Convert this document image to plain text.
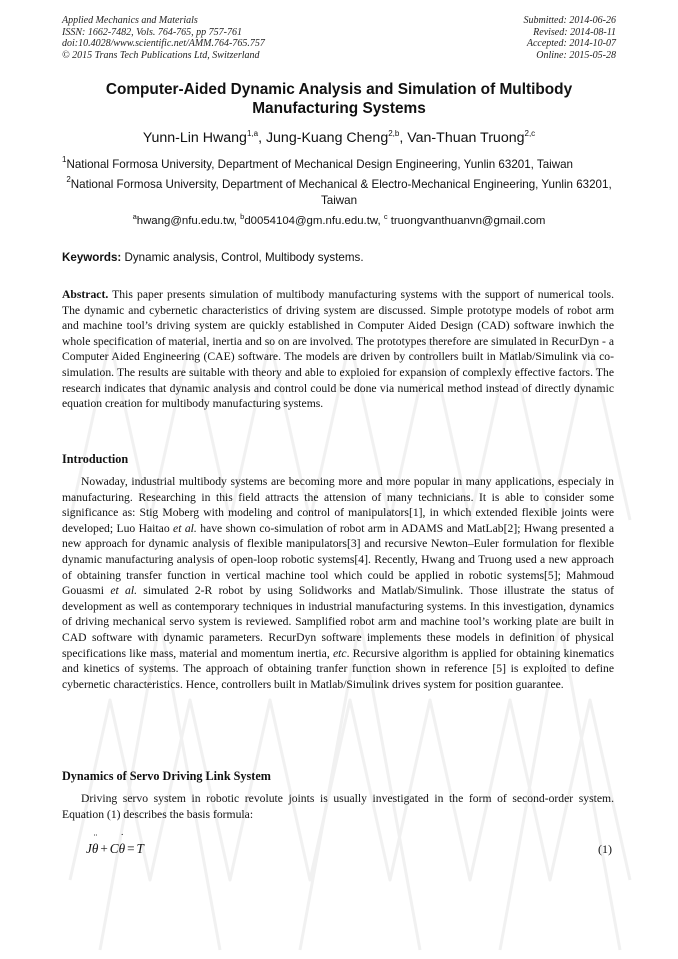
Applied Mechanics and Materials
ISSN: 1662-7482, Vols. 764-765, pp 757-761
doi:10.4028/www.scientific.net/AMM.764-765.757
© 2015 Trans Tech Publications Ltd, Switzerland
Submitted: 2014-06-26
Revised: 2014-08-11
Accepted: 2014-10-07
Online: 2015-05-28
Computer-Aided Dynamic Analysis and Simulation of Multibody
Manufacturing Systems
Yunn-Lin Hwang$^{1,a}$, Jung-Kuang Cheng$^{2,b}$, Van-Thuan Truong$^{2,c}$
$^1$National Formosa University, Department of Mechanical Design Engineering, Yunlin 63201, Taiwan
$^2$National Formosa University, Department of Mechanical & Electro-Mechanical Engineering, Yunlin 63201, Taiwan
$^a$hwang@nfu.edu.tw, $^b$d0054104@gm.nfu.edu.tw, $^c$ truongvanthuanvn@gmail.com
Keywords: Dynamic analysis, Control, Multibody systems.
Abstract. This paper presents simulation of multibody manufacturing systems with the support of numerical tools. The dynamic and cybernetic characteristics of driving system are discussed. Simple prototype models of robot arm and machine tool’s driving system are quickly established in Computer Aided Design (CAD) software inwhich the whole specification of material, inertia and so on are involved. The prototypes therefore are simulated in RecurDyn - a Computer Aided Engineering (CAE) software. The models are driven by controllers built in Matlab/Simulink via co-simulation. The results are suitable with theory and able to exploied for expansion of complexly effective factors. The research indicates that dynamic analysis and control could be done via numerical method instead of directly dynamic equation creation for multibody manufacturing systems.
Introduction
Nowaday, industrial multibody systems are becoming more and more popular in many applications, especialy in manufacturing. Researching in this field attracts the attension of many technicians. It is able to consider some significance as: Stig Moberg with modeling and control of manipulators[1], in which extended flexible joints were developed; Luo Haitao et al. have shown co-simulation of robot arm in ADAMS and MatLab[2]; Hwang presented a new approach for dynamic analysis of flexible manipulators[3] and recursive Newton–Euler formulation for flexible dynamic manufacturing analysis of open-loop robotic systems[4]. Recently, Hwang and Truong used a new approach of obtaining transfer function in vertical machine tool which could be applied in robotic systems[5]; Mahmoud Gouasmi et al. simulated 2-R robot by using Solidworks and Matlab/Simulink. Those illustrate the status of development as well as contemporary techniques in industrial manufacturing systems. In this investigation, dynamics of driving mechanical servo system is reviewed. Samplified robot arm and machine tool’s working plate are built in CAD software with dynamic parameters. RecurDyn software implements these models in definition of physical specifications like mass, material and momentum inertia, etc. Recursive algorithm is applied for obtaining kinematics and kinetics of systems. The approach of obtaining tranfer function shown in reference [5] is exploited to define cybernetic characteristics. Hence, controllers built in Matlab/Simulink drives system for position guarantee.
Dynamics of Servo Driving Link System
Driving servo system in robotic revolute joints is usually investigated in the form of second-order system. Equation (1) describes the basis formula:
J
¨
θ + C
˙
θ = T	(1)
